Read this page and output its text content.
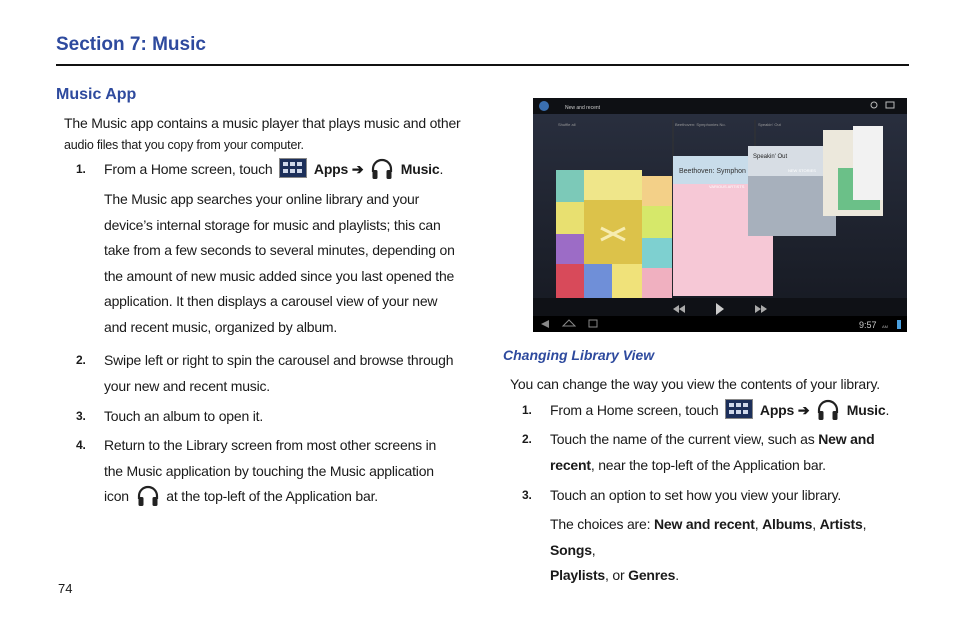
Section 7: Music
Music App
The Music app contains a music player that plays music and other
audio files that you copy from your computer.
1. From a Home screen, touch	Apps ➔	Music.
The Music app searches your online library and your
device’s internal storage for music and playlists; this can
take from a few seconds to several minutes, depending on
the amount of new music added since you last opened the
application. It then displays a carousel view of your new
and recent music, organized by album.
2. Swipe left or right to spin the carousel and browse through
your new and recent music.
3. Touch an album to open it.
4. Return to the Library screen from most other screens in
the Music application by touching the Music application
icon	at the top-left of the Application bar.
New and recent
Shuffle all	Beethoven: Symphonies No.	Speakin' Out
Beethoven: Symphon
VARIOUS ARTISTS
Speakin' Out
NEW STORIES
9:57 AM
Changing Library View
You can change the way you view the contents of your library.
1. From a Home screen, touch	Apps ➔	Music.
2. Touch the name of the current view, such as New and
recent, near the top-left of the Application bar.
3. Touch an option to set how you view your library.
The choices are: New and recent, Albums, Artists, Songs,
Playlists, or Genres.
74
